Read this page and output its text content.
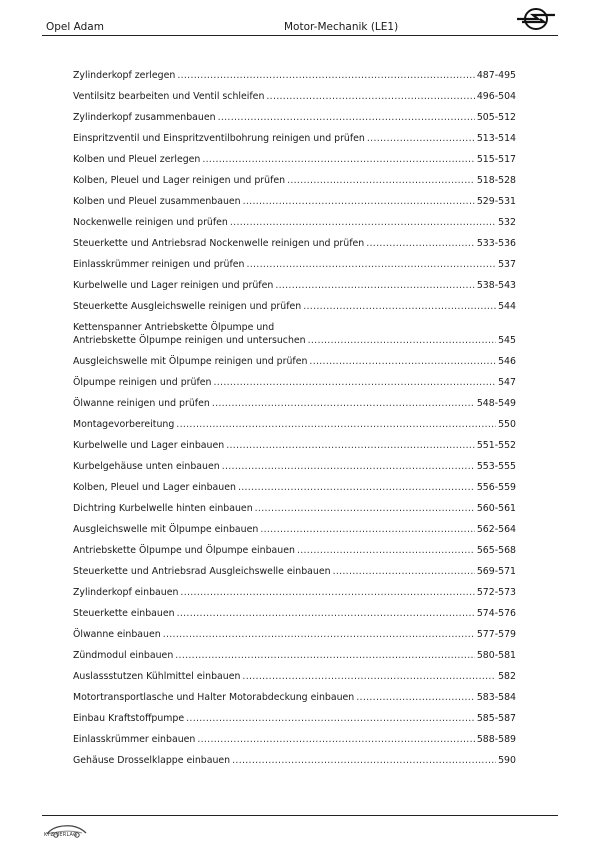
Opel Adam	Motor-Mechanik (LE1)
Zylinderkopf zerlegen .....	487-495
Ventilsitz bearbeiten und Ventil schleifen .....	496-504
Zylinderkopf zusammenbauen .....	505-512
Einspritzventil und Einspritzventilbohrung reinigen und prüfen .....	513-514
Kolben und Pleuel zerlegen .....	515-517
Kolben, Pleuel und Lager reinigen und prüfen .....	518-528
Kolben und Pleuel zusammenbauen .....	529-531
Nockenwelle reinigen und prüfen .....	532
Steuerkette und Antriebsrad Nockenwelle reinigen und prüfen .....	533-536
Einlasskrümmer reinigen und prüfen .....	537
Kurbelwelle und Lager reinigen und prüfen .....	538-543
Steuerkette Ausgleichswelle reinigen und prüfen .....	544
Kettenspanner Antriebskette Ölpumpe und
Antriebskette Ölpumpe reinigen und untersuchen .....	545
Ausgleichswelle mit Ölpumpe reinigen und prüfen .....	546
Ölpumpe reinigen und prüfen .....	547
Ölwanne reinigen und prüfen .....	548-549
Montagevorbereitung .....	550
Kurbelwelle und Lager einbauen .....	551-552
Kurbelgehäuse unten einbauen .....	553-555
Kolben, Pleuel und Lager einbauen .....	556-559
Dichtring Kurbelwelle hinten einbauen .....	560-561
Ausgleichswelle mit Ölpumpe einbauen .....	562-564
Antriebskette Ölpumpe und Ölpumpe einbauen .....	565-568
Steuerkette und Antriebsrad Ausgleichswelle einbauen .....	569-571
Zylinderkopf einbauen .....	572-573
Steuerkette einbauen .....	574-576
Ölwanne einbauen .....	577-579
Zündmodul einbauen .....	580-581
Auslassstutzen Kühlmittel einbauen .....	582
Motortransportlasche und Halter Motorabdeckung einbauen .....	583-584
Einbau Kraftstoffpumpe .....	585-587
Einlasskrümmer einbauen .....	588-589
Gehäuse Drosselklappe einbauen .....	590
KFZ-VERLAG
